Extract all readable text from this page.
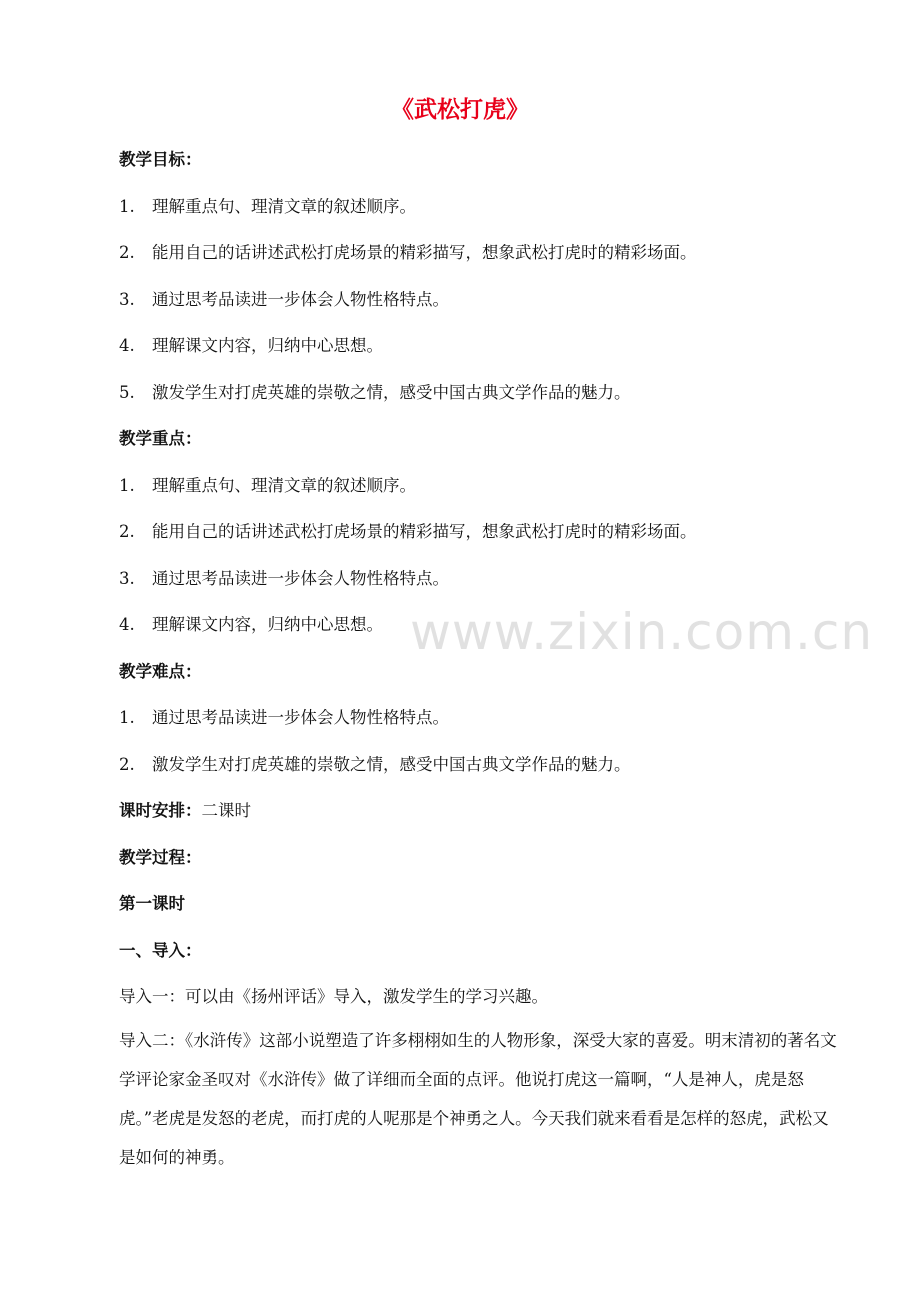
《武松打虎》
教学目标：
1. 理解重点句、理清文章的叙述顺序。
2. 能用自己的话讲述武松打虎场景的精彩描写，想象武松打虎时的精彩场面。
3. 通过思考品读进一步体会人物性格特点。
4. 理解课文内容，归纳中心思想。
5. 激发学生对打虎英雄的崇敬之情，感受中国古典文学作品的魅力。
教学重点：
1. 理解重点句、理清文章的叙述顺序。
2. 能用自己的话讲述武松打虎场景的精彩描写，想象武松打虎时的精彩场面。
3. 通过思考品读进一步体会人物性格特点。
4. 理解课文内容，归纳中心思想。
教学难点：
1. 通过思考品读进一步体会人物性格特点。
2. 激发学生对打虎英雄的崇敬之情，感受中国古典文学作品的魅力。
课时安排：二课时
教学过程：
第一课时
一、导入：
导入一：可以由《扬州评话》导入，激发学生的学习兴趣。
导入二：《水浒传》这部小说塑造了许多栩栩如生的人物形象，深受大家的喜爱。明末清初的著名文学评论家金圣叹对《水浒传》做了详细而全面的点评。他说打虎这一篇啊，“人是神人，虎是怒虎。”老虎是发怒的老虎，而打虎的人呢那是个神勇之人。今天我们就来看看是怎样的怒虎，武松又是如何的神勇。
www.zixin.com.cn
